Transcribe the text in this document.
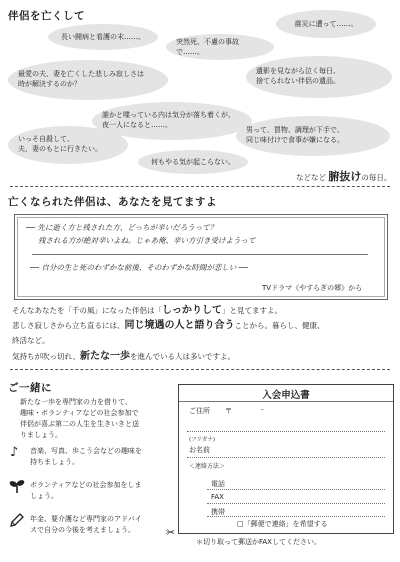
伴侶を亡くして
長い闘病と看護の末……。
突然死、不慮の事故で……。
震災に遭って……。
最愛の夫、妻を亡くした悲しみ寂しさは
時が解決するのか？
遺影を見ながら泣く毎日、
捨てられない伴侶の遺品。
誰かと喋っている内は気分が落ち着くが、
夜一人になると……。
いっそ自殺して、
夫、妻のもとに行きたい。
男って、買物、調理が下手で、
同じ味付けで食事が嫌になる。
何もやる気が起こらない。
などなど 腑抜けの毎日。
亡くなられた伴侶は、あなたを見てますよ
── 先に逝く方と残された方、どっちが辛いだろうって？
残される方が絶対辛いよね。じゃあ俺、辛い方引き受けようって
── 自分の生と死のわずかな前後、そのわずかな時間が悲しい ──
TVドラマ《やすらぎの郷》から
そんなあなたを「千の風」になった伴侶は「しっかりして」と見てますよ。
悲しさ寂しさから立ち直るには、同じ境遇の人と語り合うことから。暮らし、健康、
終活など。
気持ちが吹っ切れ、新たな一歩を進んでいる人は多いですよ。
ご一緒に
新たな一歩を専門家の力を借りて、
趣味・ボランティアなどの社会参加で
伴侶が喜ぶ第二の人生を生きいきと送
りましょう。
♪ 音楽、写真、歩こう会などの趣味を
持ちましょう。
ボランティアなどの社会参加をしま
しょう。
年金、要介護など専門家のアドバイ
スで自分の今後を考えましょう。
入会申込書
ご住所 〒	-
(フリガナ)
お名前
＜連絡方法＞
電話
FAX
携帯
□「郵便で連絡」を希望する
✂
＊切り取って郵送かFAXしてください。
